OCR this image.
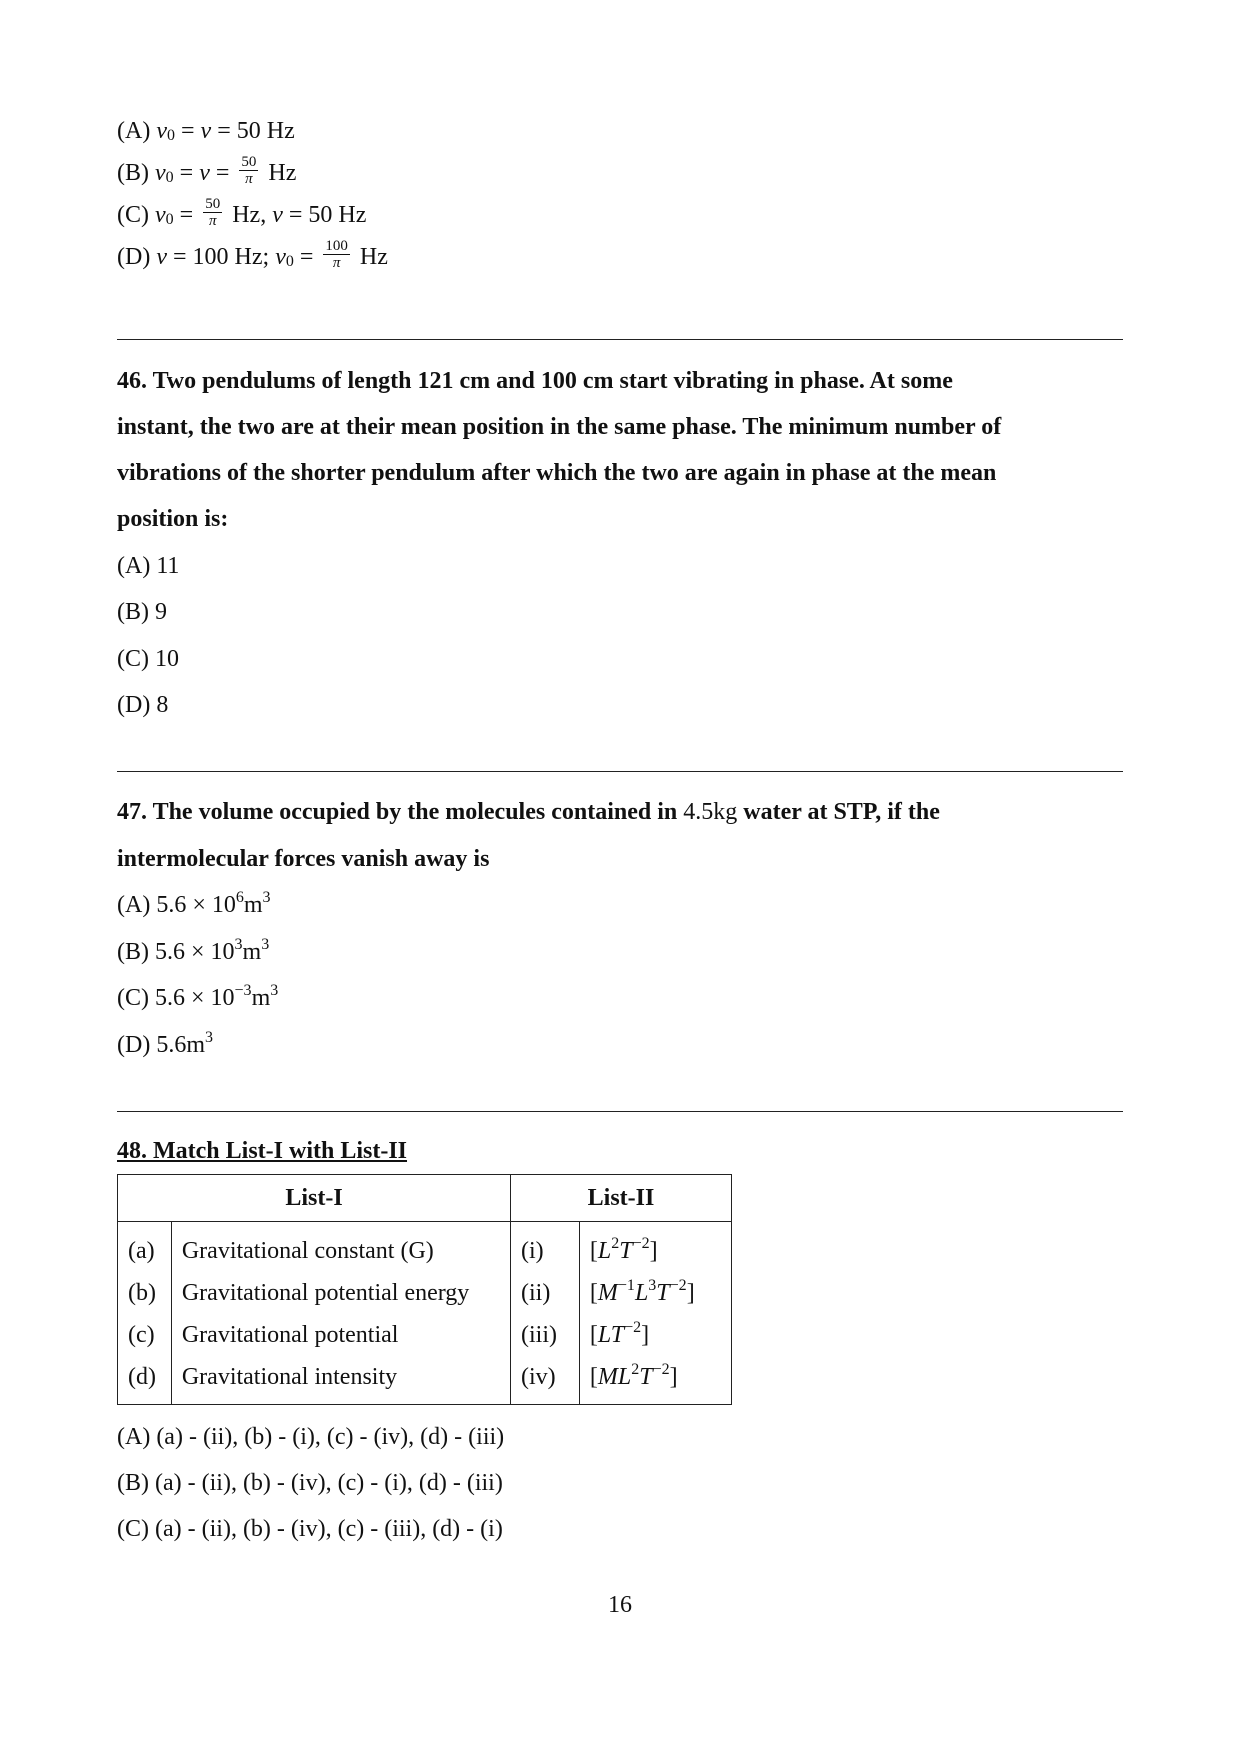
(A) $\nu_0 = \nu = 50$ Hz
(B) $\nu_0 = \nu = \frac{50}{\pi}$ Hz
(C) $\nu_0 = \frac{50}{\pi} Hz$, ν = 50 Hz
(D) ν = 100 Hz; $\nu_0 = \frac{100}{\pi}$ Hz
46. Two pendulums of length 121 cm and 100 cm start vibrating in phase. At some
instant, the two are at their mean position in the same phase. The minimum number of
vibrations of the shorter pendulum after which the two are again in phase at the mean
position is:
(A) 11
(B) 9
(C) 10
(D) 8
47. The volume occupied by the molecules contained in 4.5kg water at STP, if the
intermolecular forces vanish away is
(A) $5.6 \times 10^6m^3$
(B) $5.6 \times 10^3m^3$
(C) $5.6 \times 10^{-3}m^3$
(D) $5.6m^3$
48. Match List-I with List-II
List-I		List-II	
(a)	Gravitational constant (G)	(i)	$[L^2T^{-2}]$
(b)	Gravitational potential energy	(ii)	$[M^{-1}L^3T^{-2}]$
(c)	Gravitational potential	(iii)	$[LT^{-2}]$
(d)	Gravitational intensity	(iv)	$[ML^2T^{-2}]$
(A) (a) - (ii), (b) - (i), (c) - (iv), (d) - (iii)
(B) (a) - (ii), (b) - (iv), (c) - (i), (d) - (iii)
(C) (a) - (ii), (b) - (iv), (c) - (iii), (d) - (i)
16
